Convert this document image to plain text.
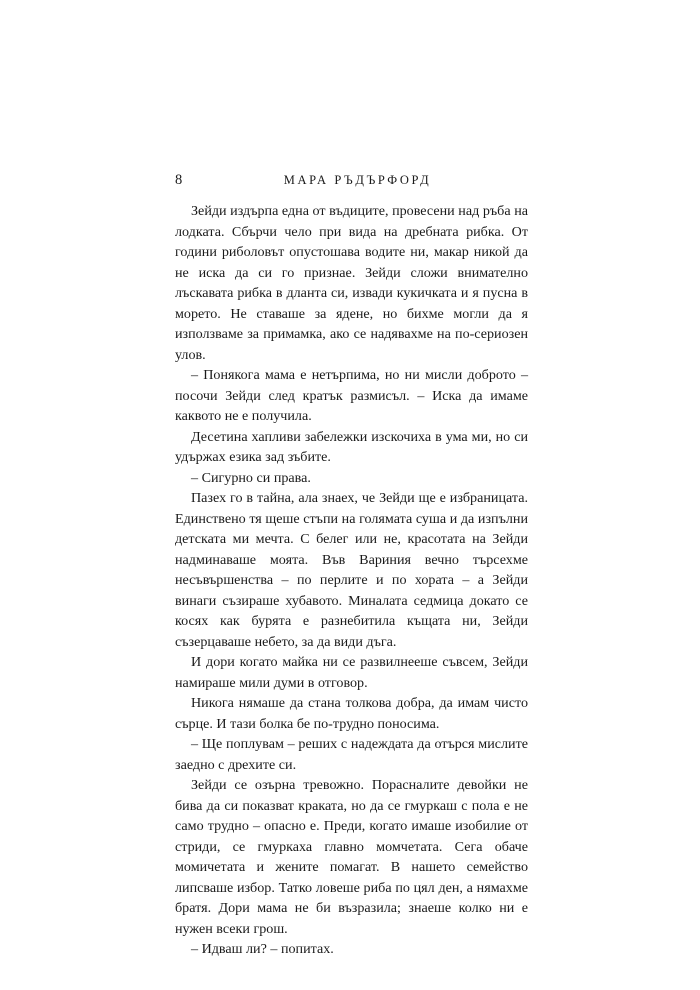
8	МАРА РЪДЪРФОРД

Зейди издърпа една от въдиците, провесени над ръба на лодката. Сбърчи чело при вида на дребната рибка. От години риболовът опустошава водите ни, макар никой да не иска да си го признае. Зейди сложи внимателно лъскавата рибка в дланта си, извади кукичката и я пусна в морето. Не ставаше за ядене, но бихме могли да я използваме за примамка, ако се надявахме на по-сериозен улов.

– Понякога мама е нетърпима, но ни мисли доброто – посочи Зейди след кратък размисъл. – Иска да имаме каквото не е получила.

Десетина хапливи забележки изскочиха в ума ми, но си удържах езика зад зъбите.

– Сигурно си права.

Пазех го в тайна, ала знаех, че Зейди ще е избраницата. Единствено тя щеше стъпи на голямата суша и да изпълни детската ми мечта. С белег или не, красотата на Зейди надминаваше моята. Във Вариния вечно търсехме несъвършенства – по перлите и по хората – а Зейди винаги съзираше хубавото. Миналата седмица докато се косях как бурята е разнебитила къщата ни, Зейди съзерцаваше небето, за да види дъга.

И дори когато майка ни се развилнееше съвсем, Зейди намираше мили думи в отговор.

Никога нямаше да стана толкова добра, да имам чисто сърце. И тази болка бе по-трудно поносима.

– Ще поплувам – реших с надеждата да отърся мислите заедно с дрехите си.

Зейди се озърна тревожно. Порасналите девойки не бива да си показват краката, но да се гмуркаш с пола е не само трудно – опасно е. Преди, когато имаше изобилие от стриди, се гмуркаха главно момчетата. Сега обаче момичетата и жените помагат. В нашето семейство липсваше избор. Татко ловеше риба по цял ден, а нямахме братя. Дори мама не би възразила; знаеше колко ни е нужен всеки грош.

– Идваш ли? – попитах.
